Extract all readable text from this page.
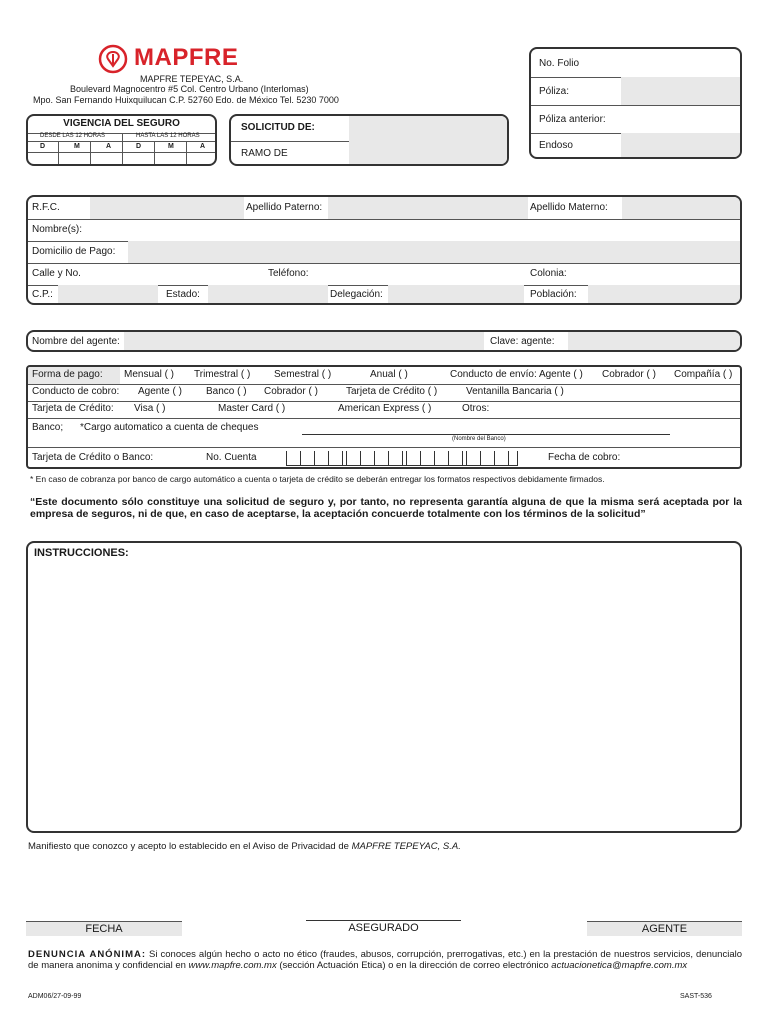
MAPFRE
MAPFRE TEPEYAC, S.A.
Boulevard Magnocentro #5 Col. Centro Urbano (Interlomas)
Mpo. San Fernando Huixquilucan C.P. 52760 Edo. de México Tel. 5230 7000
VIGENCIA DEL SEGURO
DESDE LAS 12 HORAS	HASTA LAS 12 HORAS
D	M	A	D	M	A
SOLICITUD DE:
RAMO DE
No. Folio
Póliza:
Póliza anterior:
Endoso
R.F.C.	Apellido Paterno:	Apellido Materno:
Nombre(s):
Domicilio de Pago:
Calle y No.	Teléfono:	Colonia:
C.P.:	Estado:	Delegación:	Población:
Nombre del agente:	Clave: agente:
Forma de pago: Mensual ( ) Trimestral ( ) Semestral ( )	Anual ( )	Conducto de envío: Agente ( ) Cobrador ( ) Compañía ( )
Conducto de cobro: Agente ( ) Banco ( ) Cobrador ( )	Tarjeta de Crédito ( )	Ventanilla Bancaria ( )
Tarjeta de Crédito: Visa ( )	Master Card ( )	American Express ( )	Otros:
Banco; *Cargo automatico a cuenta de cheques
(Nombre del Banco)
Tarjeta de Crédito o Banco:	No. Cuenta	Fecha de cobro:
* En caso de cobranza por banco de cargo automático a cuenta o tarjeta de crédito se deberán entregar los formatos respectivos debidamente firmados.
“Este documento sólo constituye una solicitud de seguro y, por tanto, no representa garantía alguna de que la misma será aceptada por la empresa de seguros, ni de que, en caso de aceptarse, la aceptación concuerde totalmente con los términos de la solicitud”
INSTRUCCIONES:
Manifiesto que conozco y acepto lo establecido en el Aviso de Privacidad de MAPFRE TEPEYAC, S.A.
FECHA	ASEGURADO	AGENTE
DENUNCIA ANÓNIMA: Si conoces algún hecho o acto no ético (fraudes, abusos, corrupción, prerrogativas, etc.) en la prestación de nuestros servicios, denuncialo de manera anonima y confidencial en www.mapfre.com.mx (sección Actuación Etica) o en la dirección de correo electrónico actuacionetica@mapfre.com.mx
ADM06/27-09-99	SAST-536
